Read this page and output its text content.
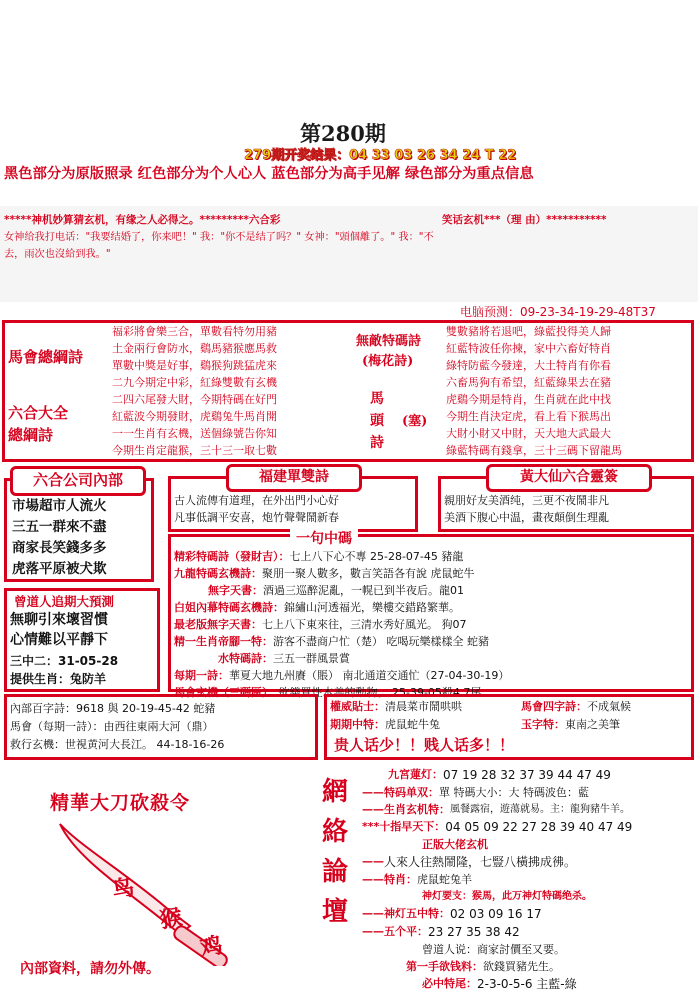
第280期
279期开奖结果：04 33 03 26 34 24 T 22
黑色部分为原版照录 红色部分为个人心人 蓝色部分为高手见解 绿色部分为重点信息
*****神机妙算猜玄机，有缘之人必得之。*********六合彩	笑话玄机***（理 由）***********
女神给我打电话："我要结婚了，你来吧！" 我："你不是结了吗？" 女神："頭個離了。" 我："不
去，雨次也沒給到我。"
电脑预测：09-23-34-19-29-48T37
馬會總綱詩
六合大全
總綱詩
福彩將會樂三合，單數看特勿用豬
土金兩行會防水，鷄馬豬猴應馬救
單數中獎是好事，鷄猴狗跳猛虎來
二九今期定中彩，紅綠雙數有玄機
二四六尾發大財，今期特碼在好門
紅藍波今期發財，虎鷄兔牛馬肖開
一一生肖有玄機，送個綠號告你知
今期生肖定龍猴，三十三一取七數
無敵特碼詩
(梅花詩)
馬
頭
詩
(塞)
雙數豬將若退吧，綠藍投得美人歸
紅藍特波任你揀，家中六畜好特肖
綠特防藍今發達，大土特肖有你看
六畜馬狗有希望，紅藍綠果去在豬
虎鷄今期是特肖，生肖就在此中找
今期生肖決定虎，看上看下猴馬出
大財小財又中財，天大地大武最大
綠藍特碼有錢拿，三十三碼下留龍馬
六合公司內部
市場超市人流火
三五一群來不盡
商家長笑錢多多
虎落平原被犬欺
福建單雙詩
古人流傳有道理，在外出門小心好
凡事低調平安喜，炮竹聲聲鬧新春
黃大仙六合靈簽
親朋好友美酒纯，三更不夜鬧非凡
美酒下腹心中温，畫夜顛倒生理亂
一句中碼
精彩特碼詩（發財吉）： 七上八下心不專 25-28-07-45 豬龍
九龍特碼玄機詩： 聚朋一聚人數多，數言笑語各有說 虎鼠蛇牛
無字天書： 酒過三巡醉泥亂，一幌已到半夜后。龍01
白姐內幕特碼玄機詩： 錦繡山河透福光，樂樓交錯路繁華。
最老版無字天書： 七上八下東來往，三清水秀好風光。 狗07
精一生肖帝腳一特： 游客不盡商户忙（楚） 吃喝玩樂樣樣全 蛇豬
水特碼詩： 三五一群風景賞
每期一詩： 華夏大地九州賡（賬） 南北通道交通忙（27-04-30-19）
馬會玄機（三碼區）： 欲錢買性本善的動物。 25-39-05殺4.7尾
曾道人追期大預測
無聊引來壞習慣
心情難以平靜下
三中二：31-05-28
提供生肖：兔防羊
內部百字詩：9618 與 20-19-45-42 蛇豬
馬會（每期一詩）：由西往東兩大河（鼎）
救行玄機：世視黄河大長江。 44-18-16-26
權威貼士： 清晨菜市鬧哄哄	馬會四字詩： 不成氣候
期期中特： 虎鼠蛇牛兔	玉字特： 東南之美筆
贵人话少！！贱人话多！！
精華大刀砍殺令
鸟
猴
鸡
內部資料，請勿外傳。
網
絡
論
壇
九宮蓮灯： 07 19 28 32 37 39 44 47 49
——特码单双： 單 特碼大小：大 特碼波色：藍
——生肖玄机特： 風餐露宿，遊蕩就易。主：龍狗豬牛羊。
***十指早天下： 04 05 09 22 27 28 39 40 47 49
正版大佬玄机
—— 人來人往熱鬧隆，七豎八橫拂成彿。
——特肖： 虎鼠蛇兔羊
神灯要支：猴馬，此万神灯特碼绝杀。
——神灯五中特： 02 03 09 16 17
——五个平： 23 27 35 38 42
曾道人说：商家討價至又要。
第一手欲钱料： 欲錢買豬先生。
必中特尾： 2-3-0-5-6 主藍-綠
